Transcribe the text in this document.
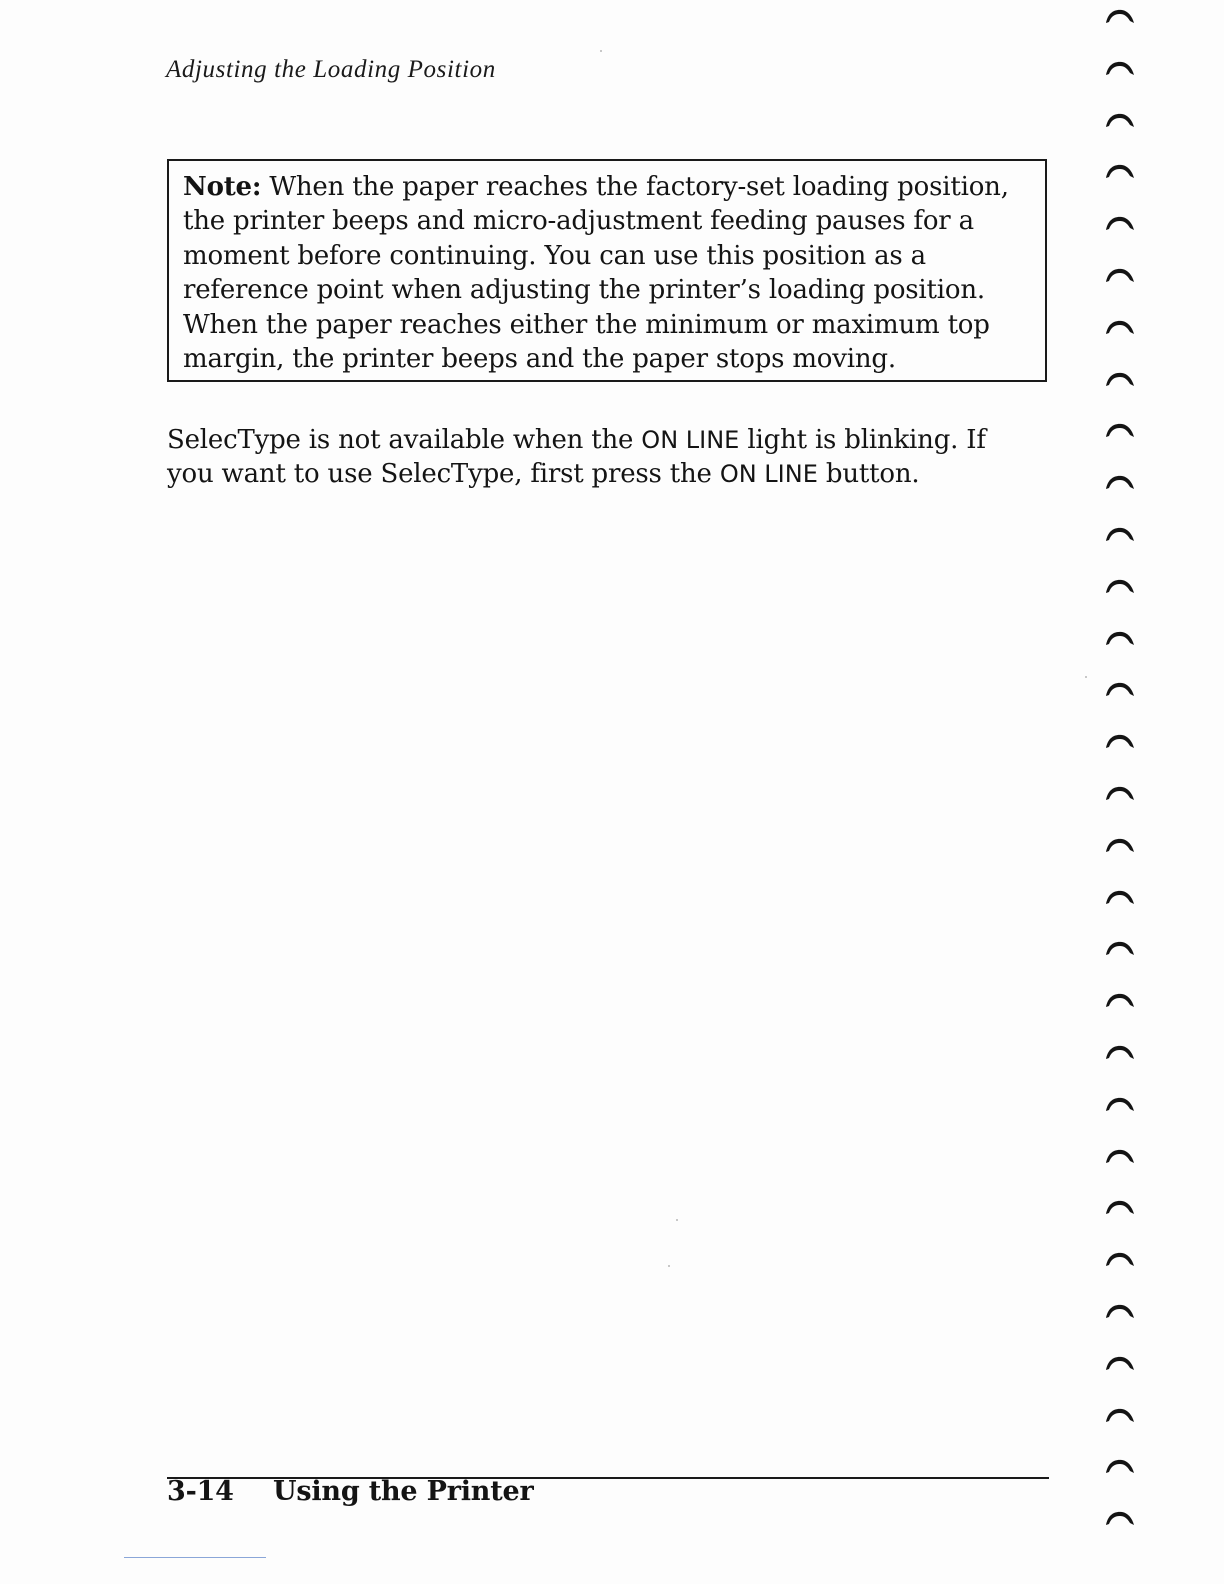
Adjusting the Loading Position
Note: When the paper reaches the factory-set loading position,
the printer beeps and micro-adjustment feeding pauses for a
moment before continuing. You can use this position as a
reference point when adjusting the printer’s loading position.
When the paper reaches either the minimum or maximum top
margin, the printer beeps and the paper stops moving.
SelecType is not available when the ON LINE light is blinking. If
you want to use SelecType, first press the ON LINE button.
3-14 Using the Printer
